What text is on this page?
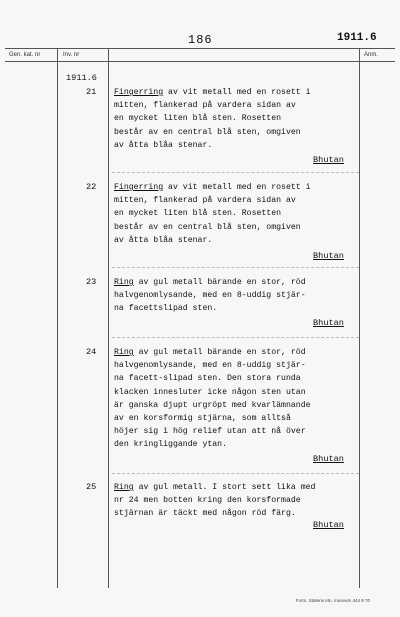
186	1911.6
Gen. kat. nr	Inv. nr	Anm.
1911.6
21 Fingerring av vit metall med en rosett i
mitten, flankerad på vardera sidan av
en mycket liten blå sten. Rosetten
består av en central blå sten, omgiven
av åtta blåa stenar.
Bhutan
22 Fingerring av vit metall med en rosett i
mitten, flankerad på vardera sidan av
en mycket liten blå sten. Rosetten
består av en central blå sten, omgiven
av åtta blåa stenar.
Bhutan
23 Ring av gul metall bärande en stor, röd
halvgenomlysande, med en 8-uddig stjär-
na facettslipad sten.
Bhutan
24 Ring av gul metall bärande en stor, röd
halvgenomlysande, med en 8-uddig stjär-
na facett-slipad sten. Den stora runda
klacken innesluter icke någon sten utan
är ganska djupt urgröpt med kvarlämnande
av en korsformig stjärna, som alltså
höjer sig i hög relief utan att nå över
den kringliggande ytan.
Bhutan
25 Ring av gul metall. I stort sett lika med
nr 24 men botten kring den korsformade
stjärnan är täckt med någon röd färg.
Bhutan
Form. Statens etn. museum 444 9 70
